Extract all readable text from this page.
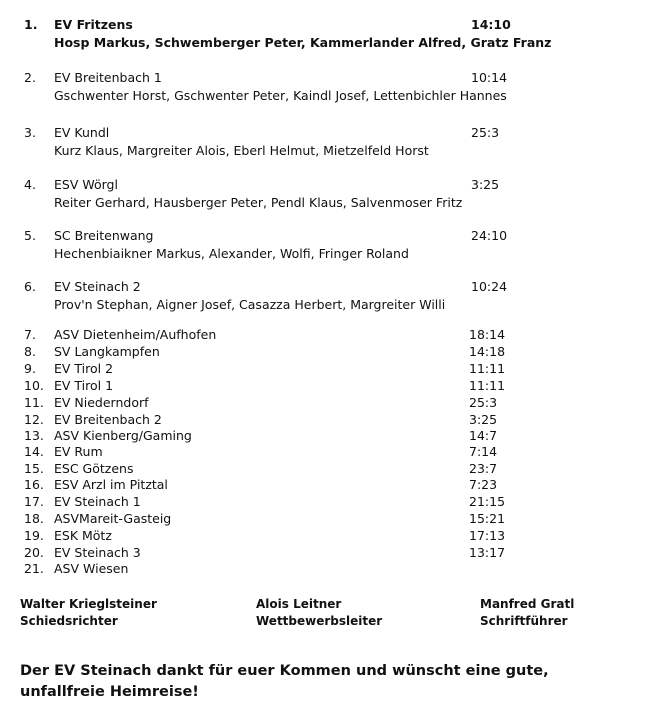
1.	EV Fritzens	14:10
Hosp Markus, Schwemberger Peter, Kammerlander Alfred, Gratz Franz
2.	EV Breitenbach 1	10:14
Gschwenter Horst, Gschwenter Peter, Kaindl Josef, Lettenbichler Hannes
3.	EV Kundl	25:3
Kurz Klaus, Margreiter Alois, Eberl Helmut, Mietzelfeld Horst
4.	ESV Wörgl	3:25
Reiter Gerhard, Hausberger Peter, Pendl Klaus, Salvenmoser Fritz
5.	SC Breitenwang	24:10
Hechenbiaikner Markus, Alexander, Wolfi, Fringer Roland
6.	EV Steinach 2	10:24
Prov'n Stephan, Aigner Josef, Casazza Herbert, Margreiter Willi
7.	ASV Dietenheim/Aufhofen	18:14
8.	SV Langkampfen	14:18
9.	EV Tirol 2	11:11
10. EV Tirol 1	11:11
11. EV Niederndorf	25:3
12. EV Breitenbach 2	3:25
13. ASV Kienberg/Gaming	14:7
14. EV Rum	7:14
15. ESC Götzens	23:7
16. ESV Arzl im Pitztal	7:23
17. EV Steinach 1	21:15
18. ASVMareit-Gasteig	15:21
19. ESK Mötz	17:13
20. EV Steinach 3	13:17
21. ASV Wiesen
Walter Krieglsteiner
Schiedsrichter
Alois Leitner
Wettbewerbsleiter
Manfred Gratl
Schriftführer
Der EV Steinach dankt für euer Kommen und wünscht eine gute, unfallfreie Heimreise!
